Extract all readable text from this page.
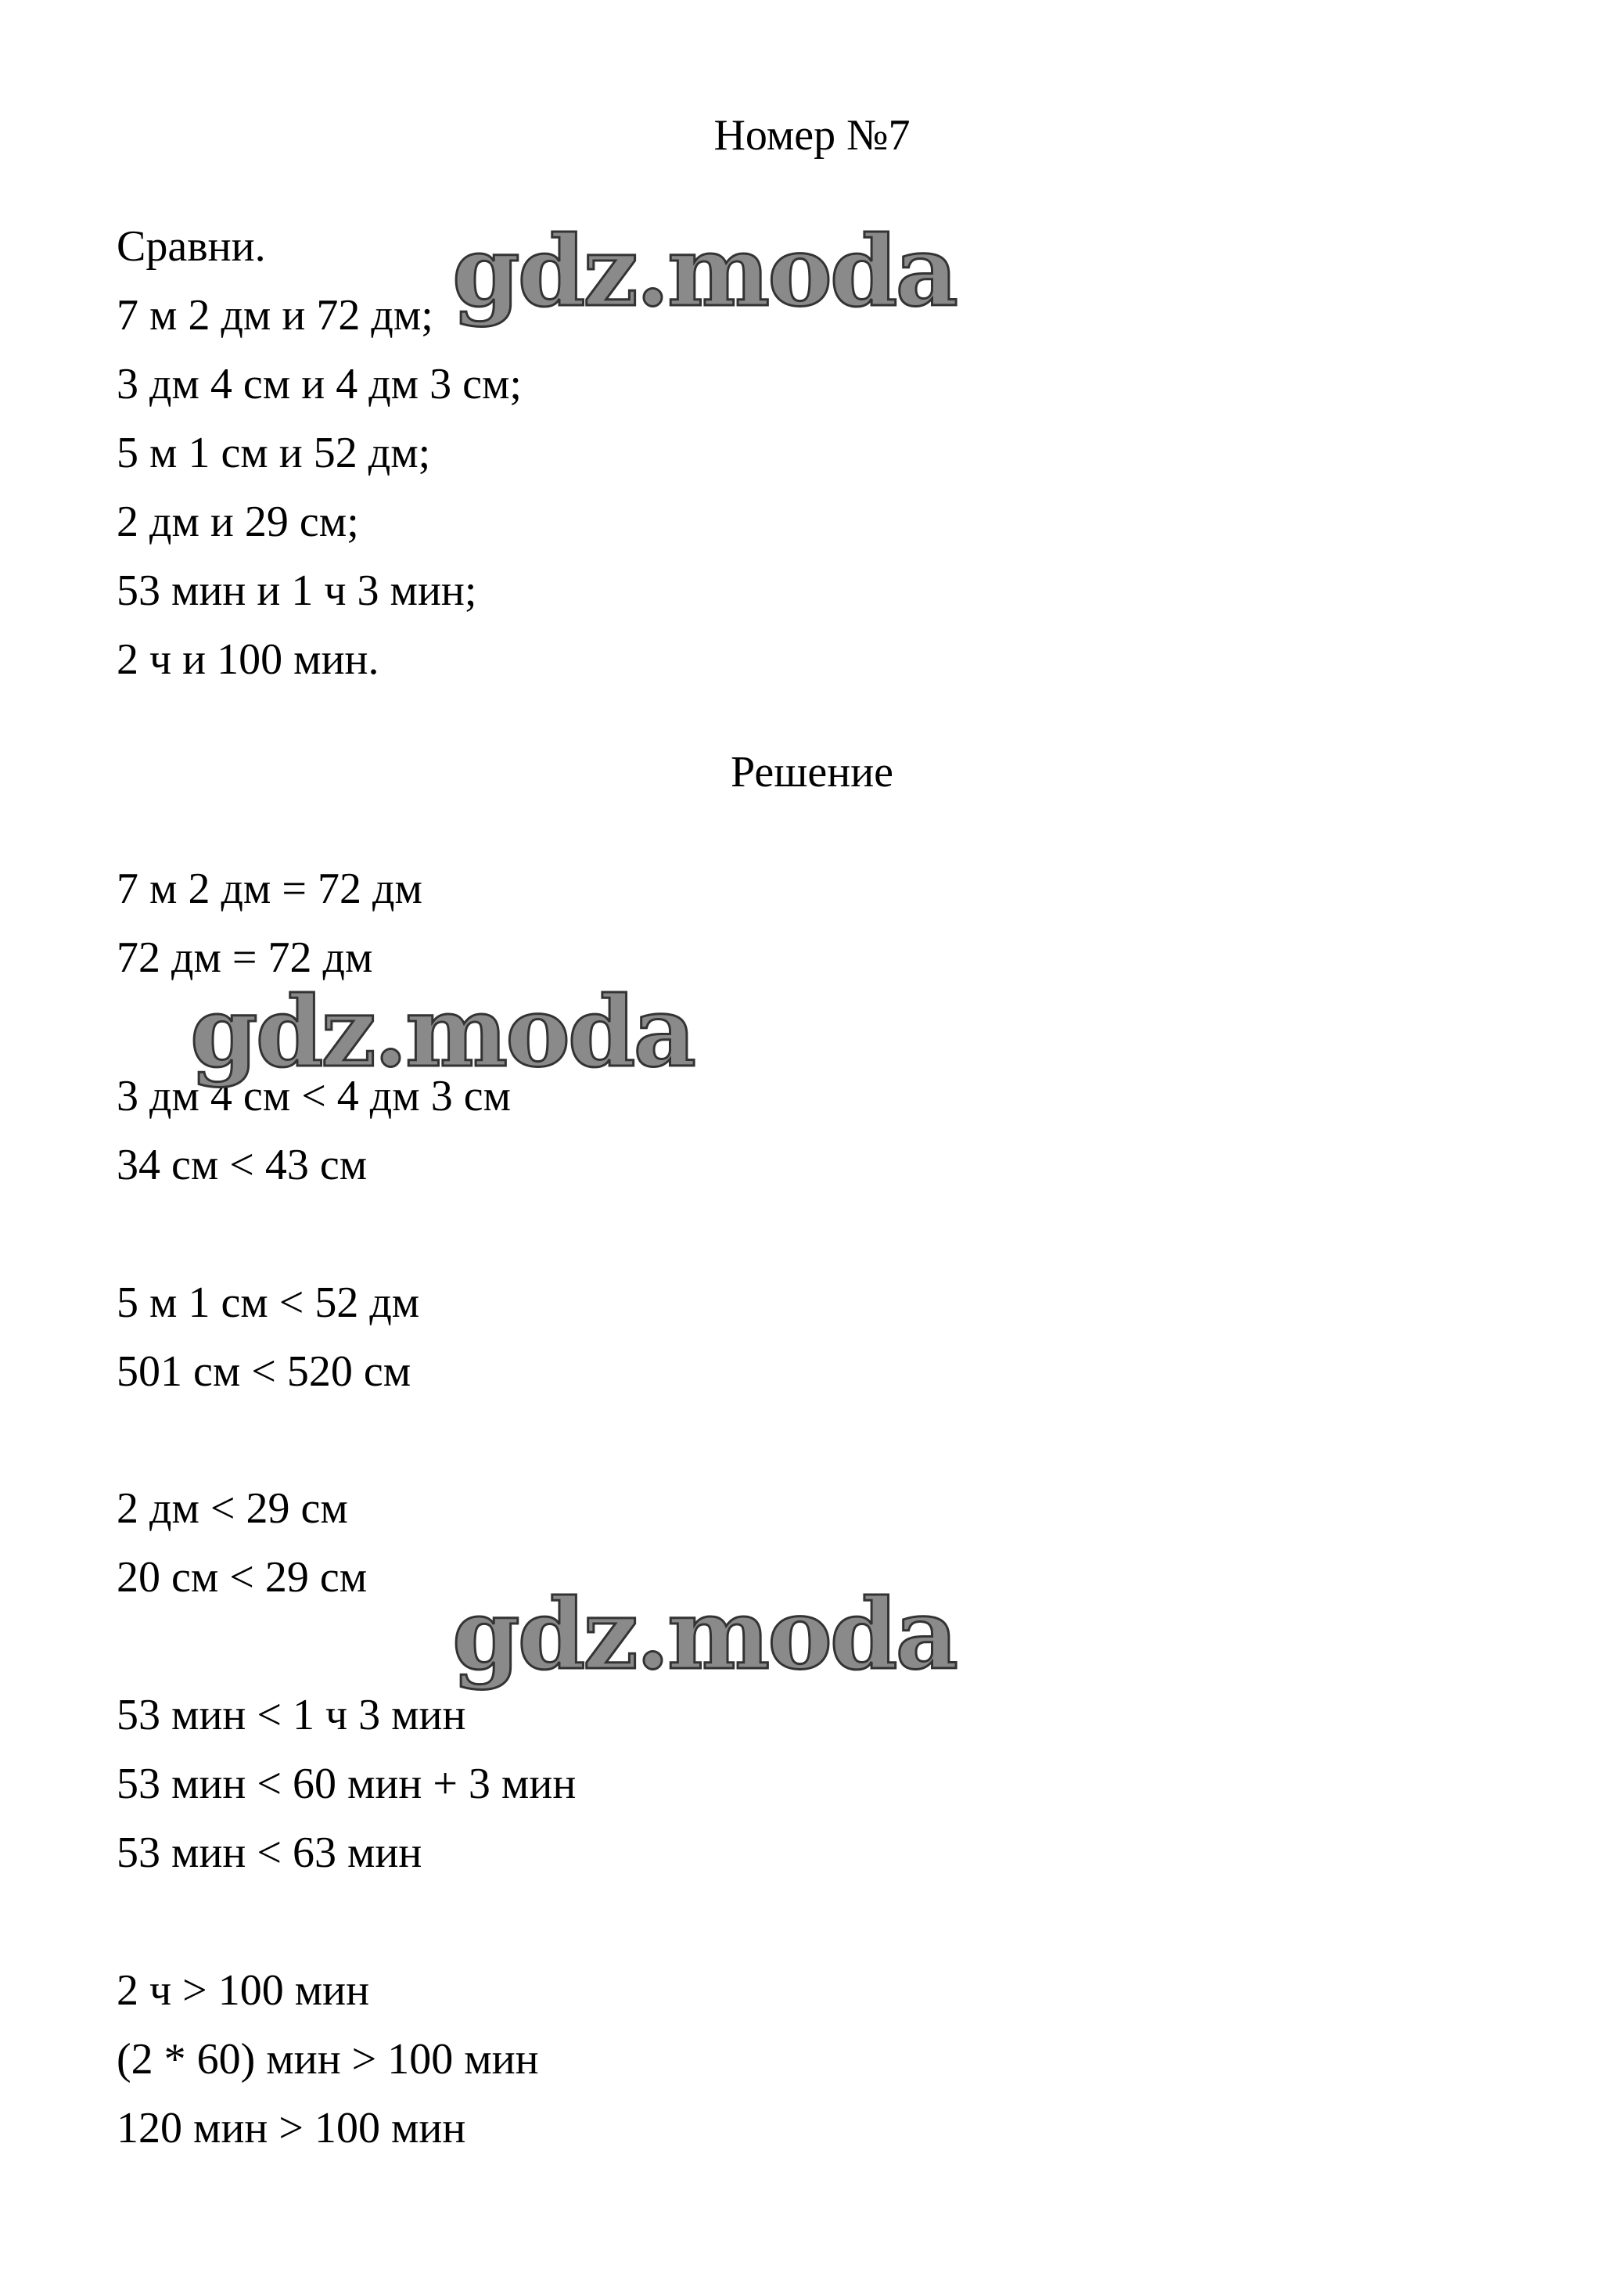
Номер №7
Сравни.
7 м 2 дм и 72 дм;
3 дм 4 см и 4 дм 3 см;
5 м 1 см и 52 дм;
2 дм и 29 см;
53 мин и 1 ч 3 мин;
2 ч и 100 мин.
Решение
7 м 2 дм = 72 дм
72 дм = 72 дм
3 дм 4 см < 4 дм 3 см
34 см < 43 см
5 м 1 см < 52 дм
501 см < 520 см
2 дм < 29 см
20 см < 29 см
53 мин < 1 ч 3 мин
53 мин < 60 мин + 3 мин
53 мин < 63 мин
2 ч > 100 мин
(2 * 60) мин > 100 мин
120 мин > 100 мин
gdz.moda
gdz.moda
gdz.moda
